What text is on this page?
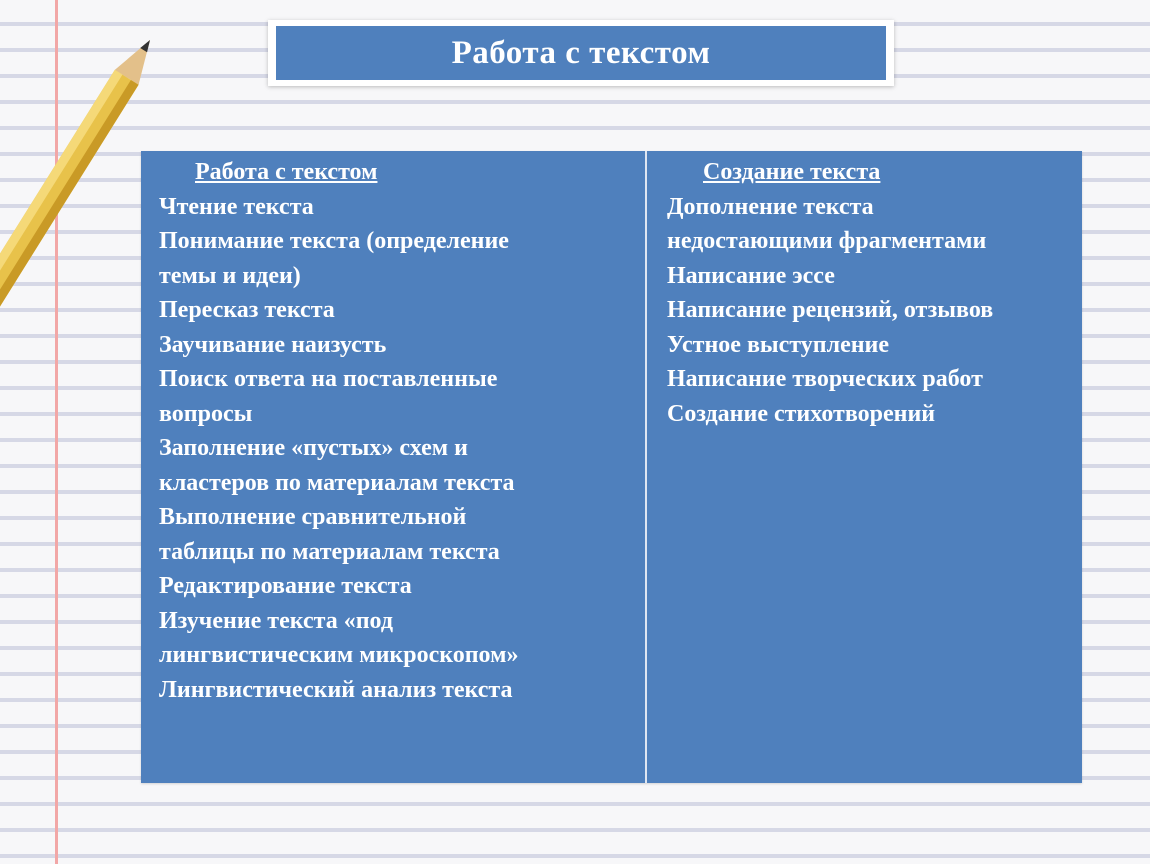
Работа с текстом
Работа с текстом
Чтение текста
Понимание текста (определение
темы и идеи)
Пересказ текста
Заучивание наизусть
Поиск ответа на поставленные
вопросы
Заполнение «пустых» схем и
кластеров по материалам текста
Выполнение сравнительной
таблицы по материалам текста
Редактирование текста
Изучение текста «под
лингвистическим микроскопом»
Лингвистический анализ текста
Создание текста
Дополнение текста
недостающими фрагментами
Написание эссе
Написание рецензий, отзывов
Устное выступление
Написание творческих работ
Создание стихотворений
